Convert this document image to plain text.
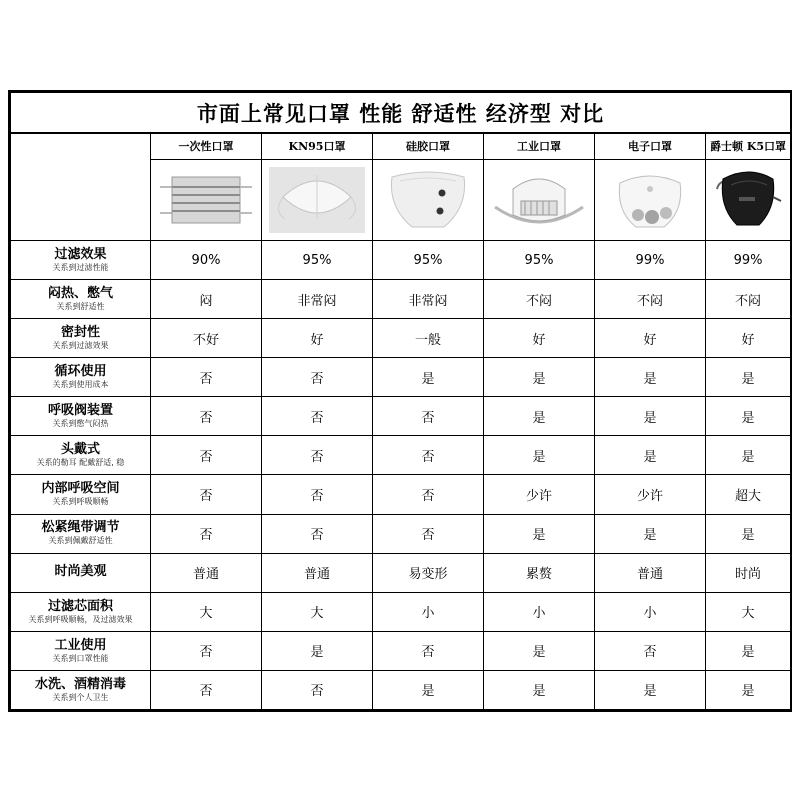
市面上常见口罩 性能 舒适性 经济型 对比						
	一次性口罩	KN95口罩	硅胶口罩	工业口罩	电子口罩	爵士顿 K5口罩

过滤效果
关系到过滤性能	90%	95%	95%	95%	99%	99%

闷热、憋气
关系到舒适性	闷	非常闷	非常闷	不闷	不闷	不闷

密封性
关系到过滤效果	不好	好	一般	好	好	好

循环使用
关系到使用成本	否	否	是	是	是	是

呼吸阀装置
关系到憋气闷热	否	否	否	是	是	是

头戴式
关系的勒耳 配戴舒适, 稳	否	否	否	是	是	是

内部呼吸空间
关系到呼吸顺畅	否	否	否	少许	少许	超大

松紧绳带调节
关系到佩戴舒适性	否	否	否	是	是	是

时尚美观	普通	普通	易变形	累赘	普通	时尚

过滤芯面积
关系到呼吸顺畅，及过滤效果	大	大	小	小	小	大

工业使用
关系到口罩性能	否	是	否	是	否	是

水洗、酒精消毒
关系到个人卫生	否	否	是	是	是	是
